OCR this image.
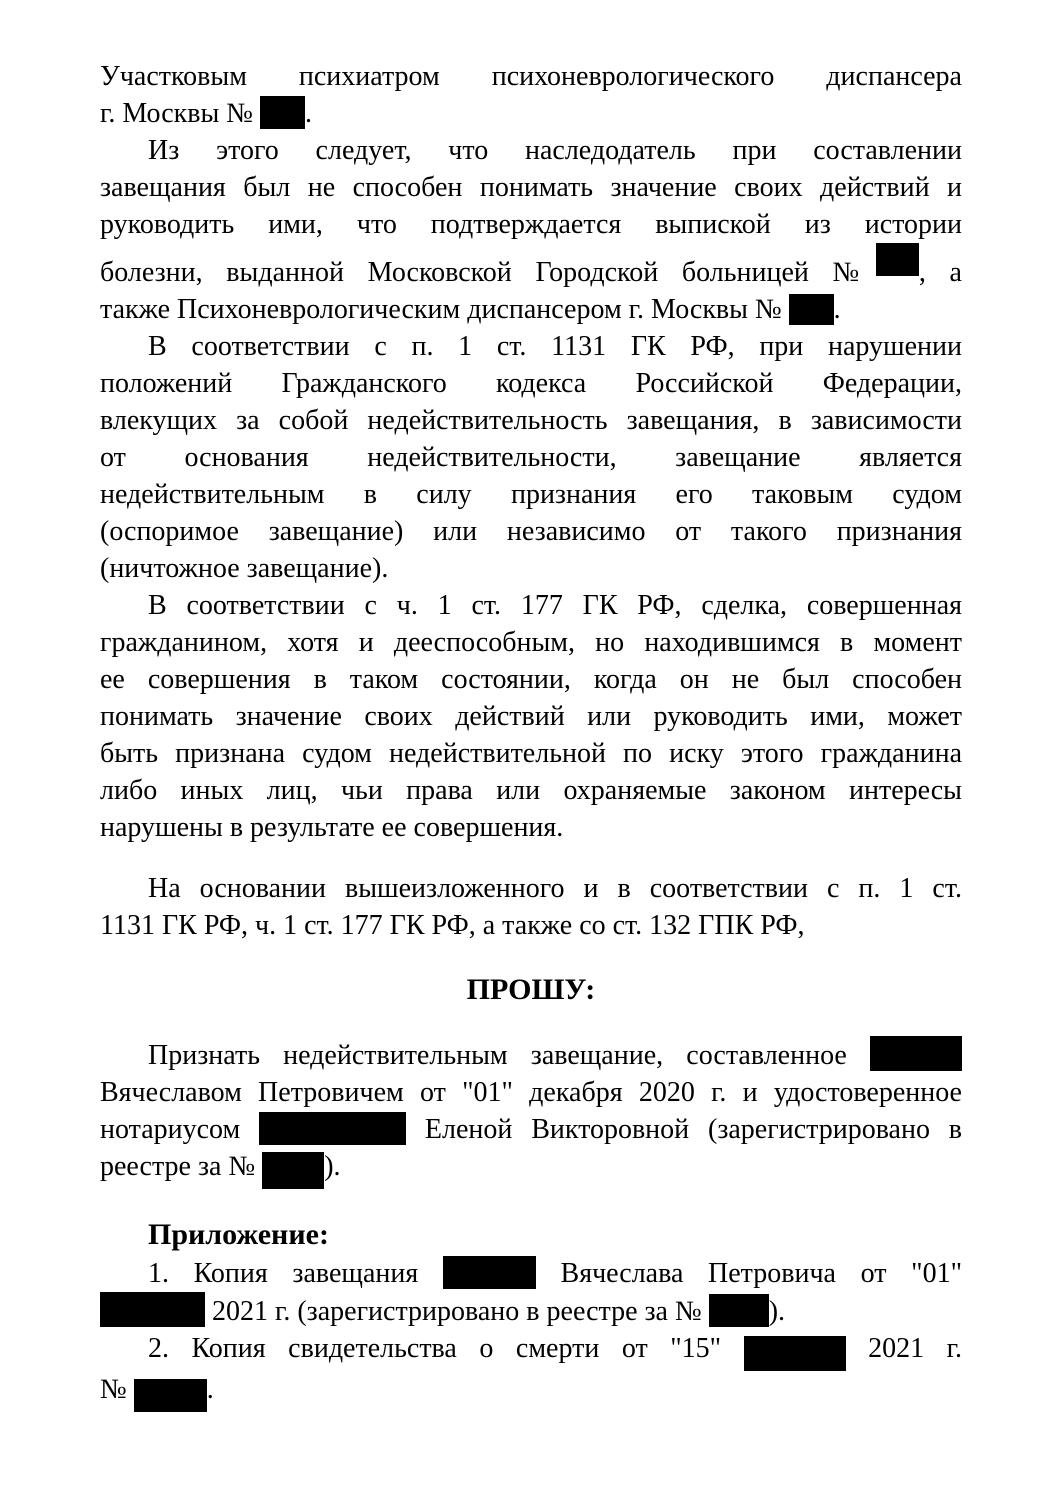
Участковым психиатром психоневрологического диспансера
г. Москвы № .
Из этого следует, что наследодатель при составлении
завещания был не способен понимать значение своих действий и
руководить ими, что подтверждается выпиской из истории
болезни, выданной Московской Городской больницей № , а
также Психоневрологическим диспансером г. Москвы № .
В соответствии с п. 1 ст. 1131 ГК РФ, при нарушении
положений Гражданского кодекса Российской Федерации,
влекущих за собой недействительность завещания, в зависимости
от основания недействительности, завещание является
недействительным в силу признания его таковым судом
(оспоримое завещание) или независимо от такого признания
(ничтожное завещание).
В соответствии с ч. 1 ст. 177 ГК РФ, сделка, совершенная
гражданином, хотя и дееспособным, но находившимся в момент
ее совершения в таком состоянии, когда он не был способен
понимать значение своих действий или руководить ими, может
быть признана судом недействительной по иску этого гражданина
либо иных лиц, чьи права или охраняемые законом интересы
нарушены в результате ее совершения.
На основании вышеизложенного и в соответствии с п. 1 ст.
1131 ГК РФ, ч. 1 ст. 177 ГК РФ, а также со ст. 132 ГПК РФ,
ПРОШУ:
Признать недействительным завещание, составленное
Вячеславом Петровичем от "01" декабря 2020 г. и удостоверенное
нотариусом	Еленой Викторовной (зарегистрировано в
реестре за № ).
Приложение:
1. Копия завещания	Вячеслава Петровича от "01"
2021 г. (зарегистрировано в реестре за № ).
2. Копия свидетельства о смерти от "15"	2021 г.
№	.
